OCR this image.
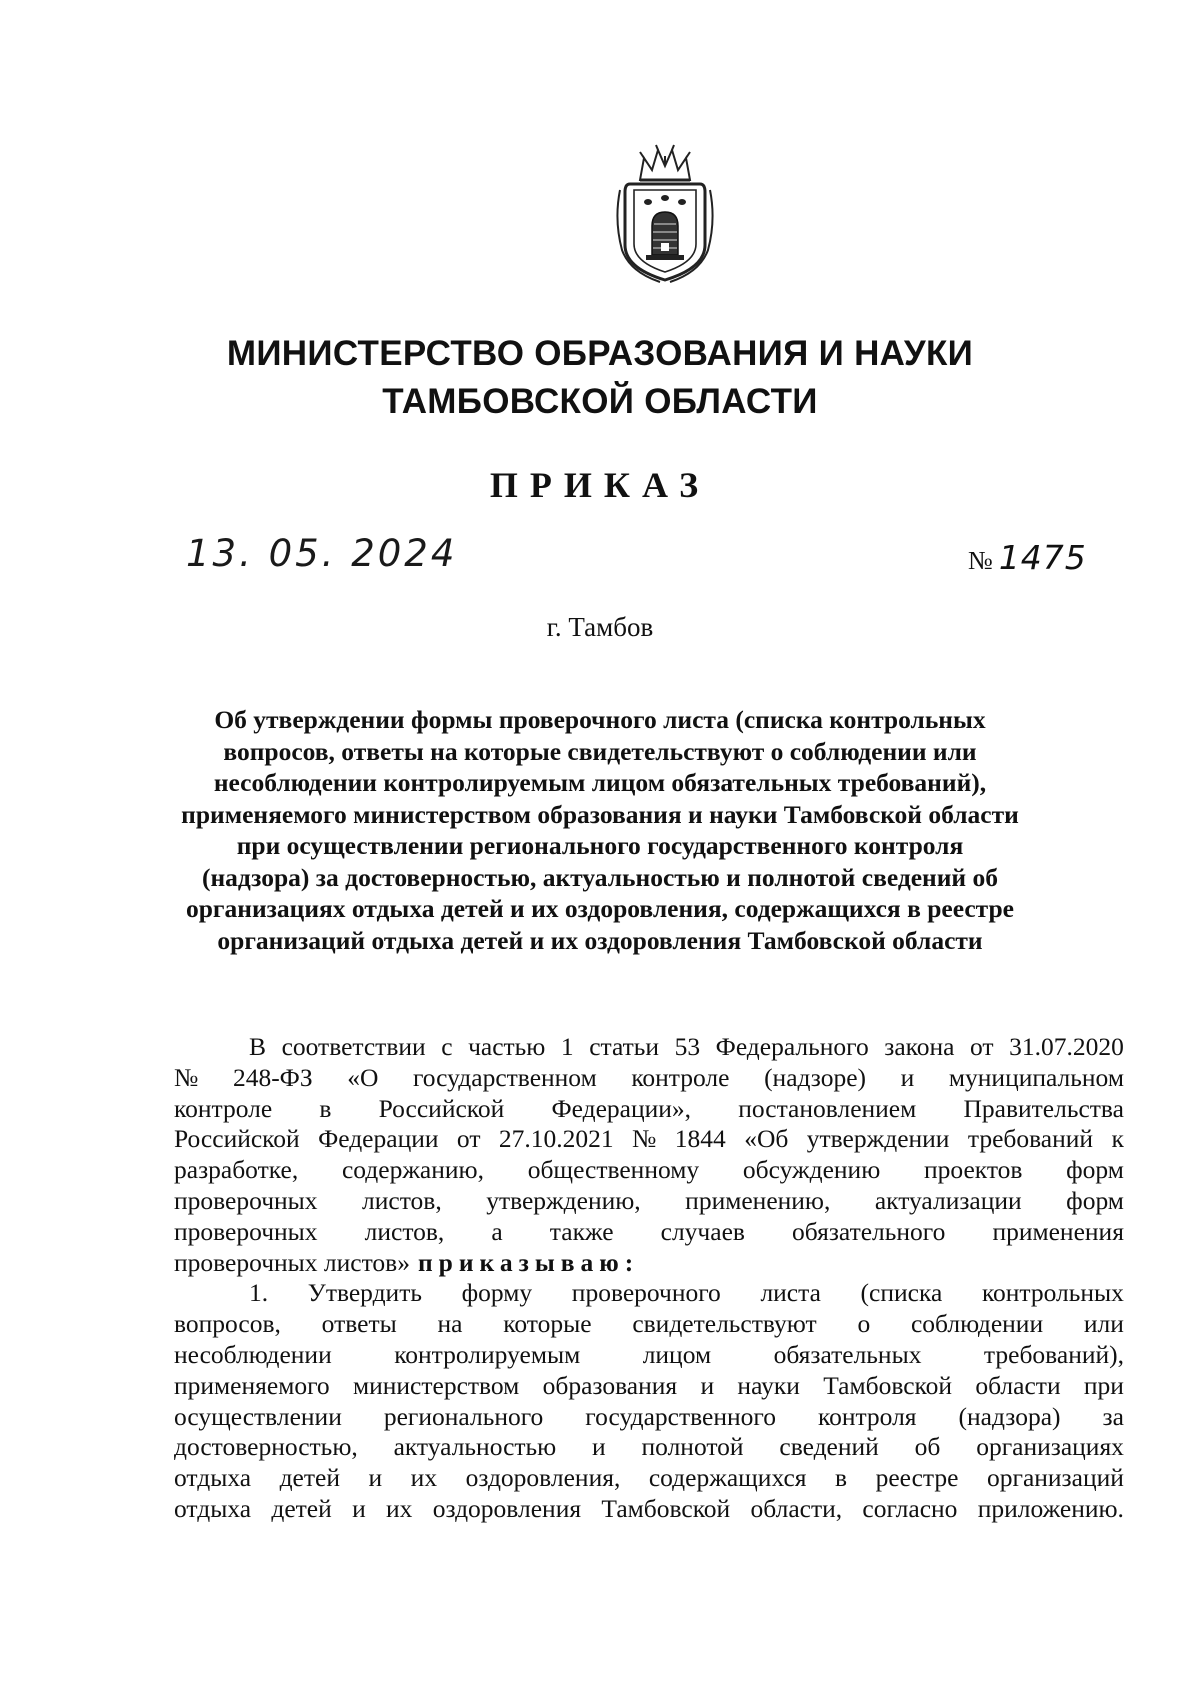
МИНИСТЕРСТВО ОБРАЗОВАНИЯ И НАУКИ
ТАМБОВСКОЙ ОБЛАСТИ
ПРИКАЗ
13. 05. 2024	№ 1475
г. Тамбов
Об утверждении формы проверочного листа (списка контрольных
вопросов, ответы на которые свидетельствуют о соблюдении или
несоблюдении контролируемым лицом обязательных требований),
применяемого министерством образования и науки Тамбовской области
при осуществлении регионального государственного контроля
(надзора) за достоверностью, актуальностью и полнотой сведений об
организациях отдыха детей и их оздоровления, содержащихся в реестре
организаций отдыха детей и их оздоровления Тамбовской области
В соответствии с частью 1 статьи 53 Федерального закона от 31.07.2020
№ 248-ФЗ «О государственном контроле (надзоре) и муниципальном
контроле в Российской Федерации», постановлением Правительства
Российской Федерации от 27.10.2021 № 1844 «Об утверждении требований к
разработке, содержанию, общественному обсуждению проектов форм
проверочных листов, утверждению, применению, актуализации форм
проверочных листов, а также случаев обязательного применения
проверочных листов» приказываю:
1. Утвердить форму проверочного листа (списка контрольных
вопросов, ответы на которые свидетельствуют о соблюдении или
несоблюдении контролируемым лицом обязательных требований),
применяемого министерством образования и науки Тамбовской области при
осуществлении регионального государственного контроля (надзора) за
достоверностью, актуальностью и полнотой сведений об организациях
отдыха детей и их оздоровления, содержащихся в реестре организаций
отдыха детей и их оздоровления Тамбовской области, согласно приложению.
